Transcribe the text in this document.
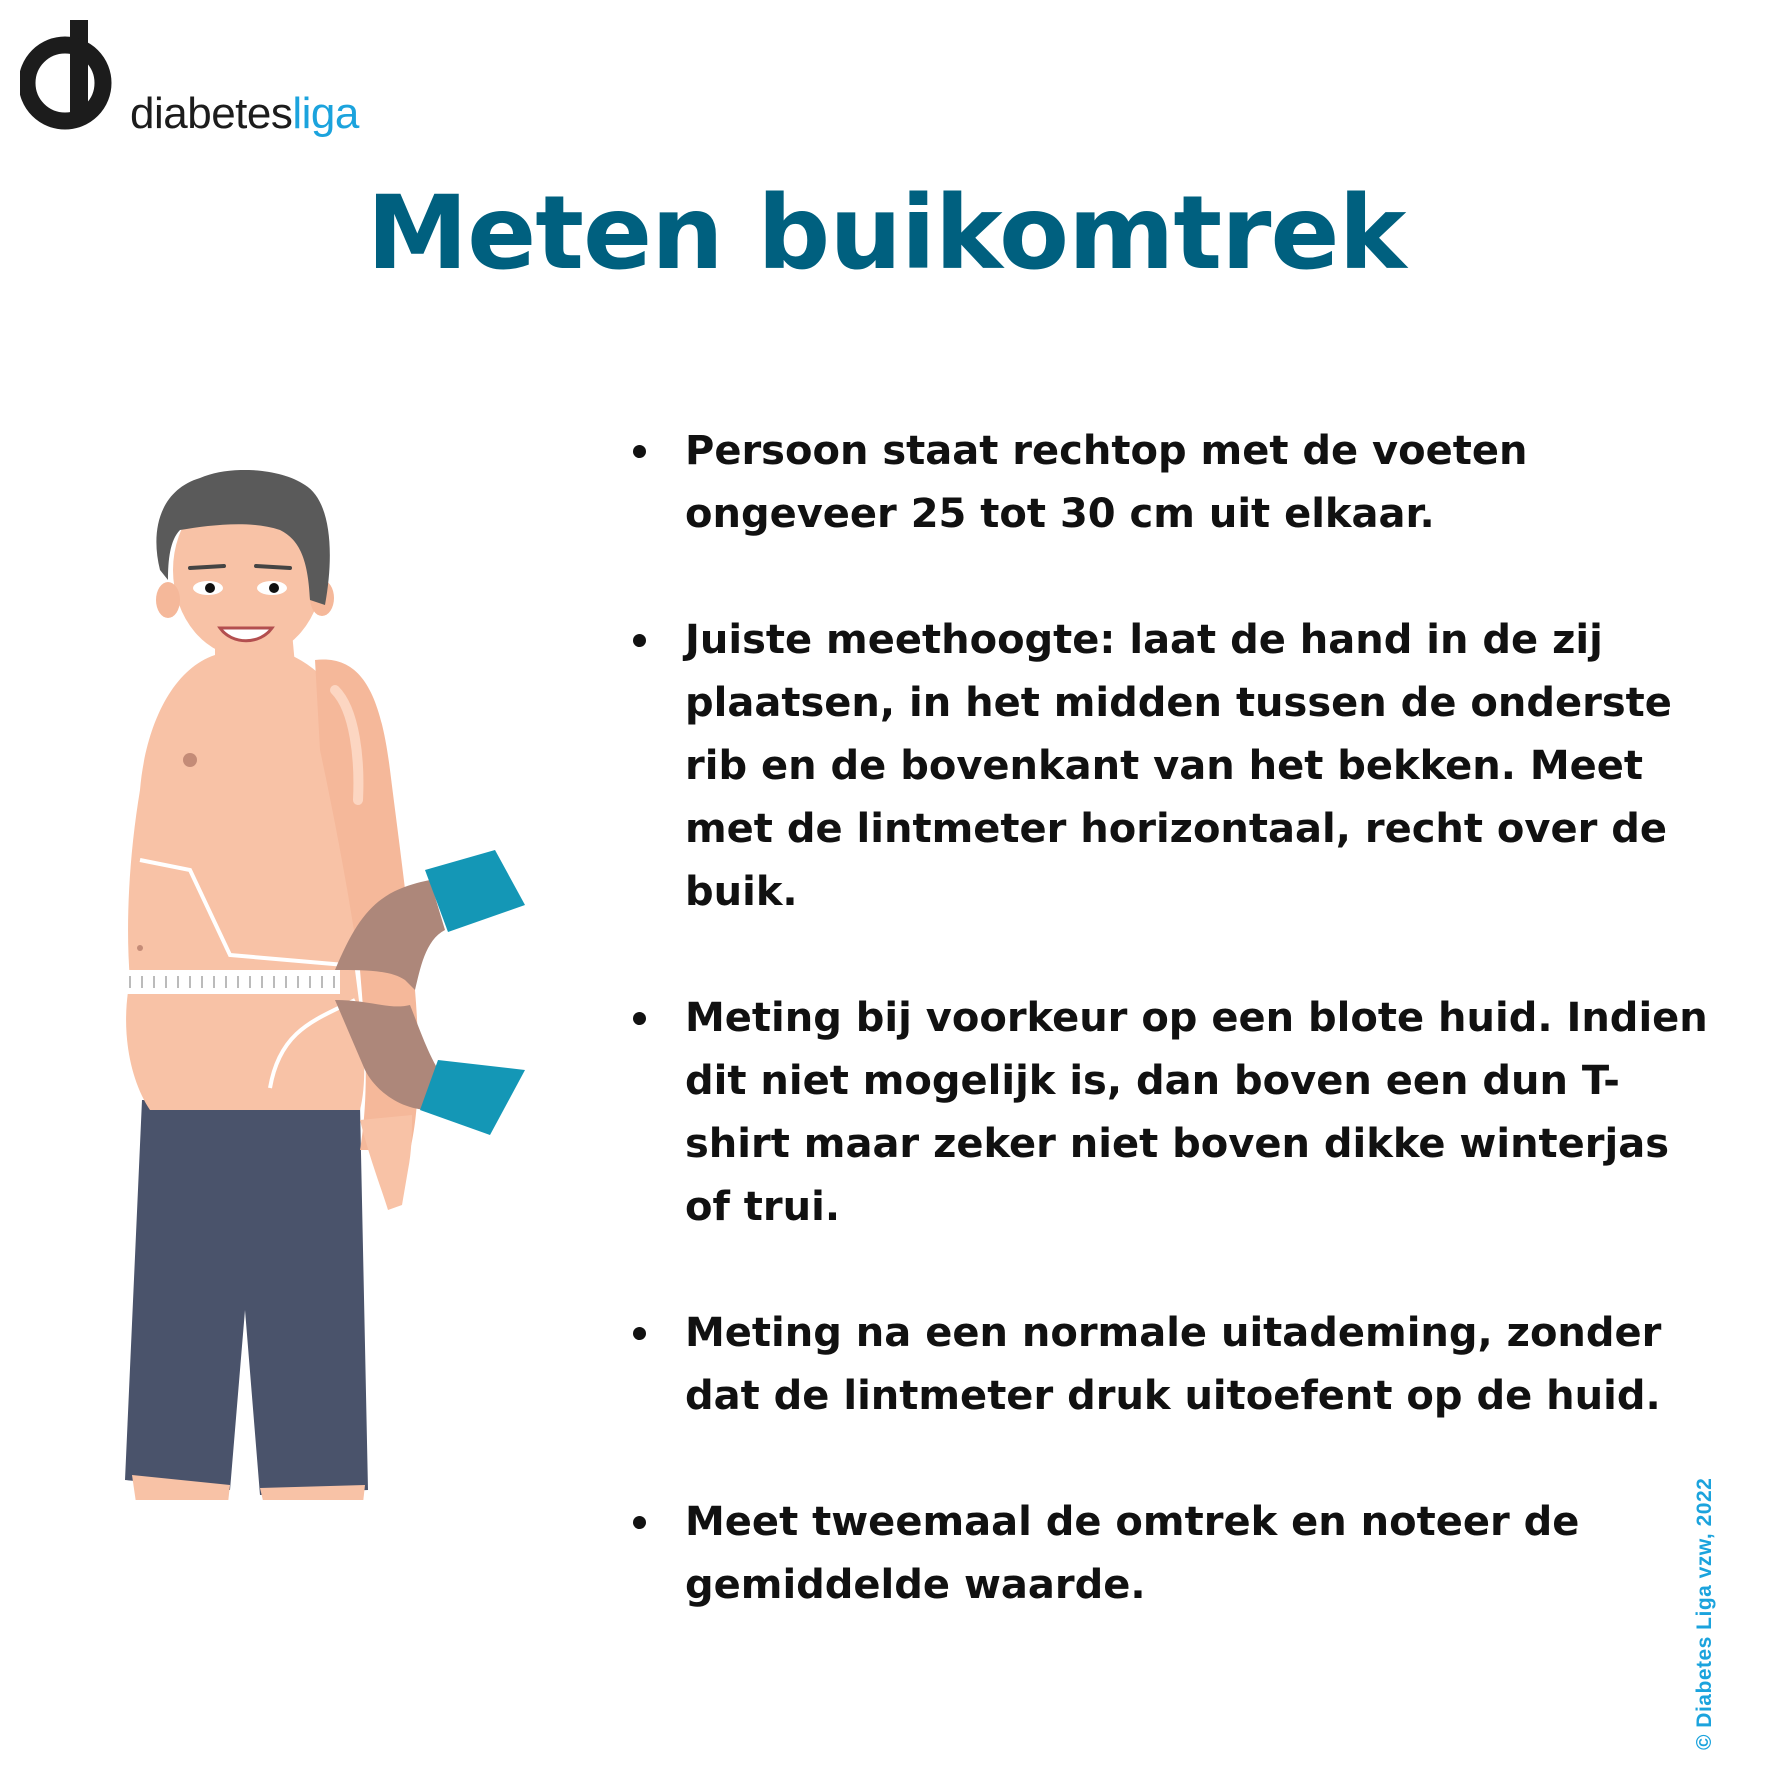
diabetesliga
Meten buikomtrek
Persoon staat rechtop met de voeten ongeveer 25 tot 30 cm uit elkaar.
Juiste meethoogte: laat de hand in de zij plaatsen, in het midden tussen de onderste rib en de bovenkant van het bekken. Meet met de lintmeter horizontaal, recht over de buik.
Meting bij voorkeur op een blote huid. Indien dit niet mogelijk is, dan boven een dun T-shirt maar zeker niet boven dikke winterjas of trui.
Meting na een normale uitademing, zonder dat de lintmeter druk uitoefent op de huid.
Meet tweemaal de omtrek en noteer de gemiddelde waarde.	© Diabetes Liga vzw, 2022
